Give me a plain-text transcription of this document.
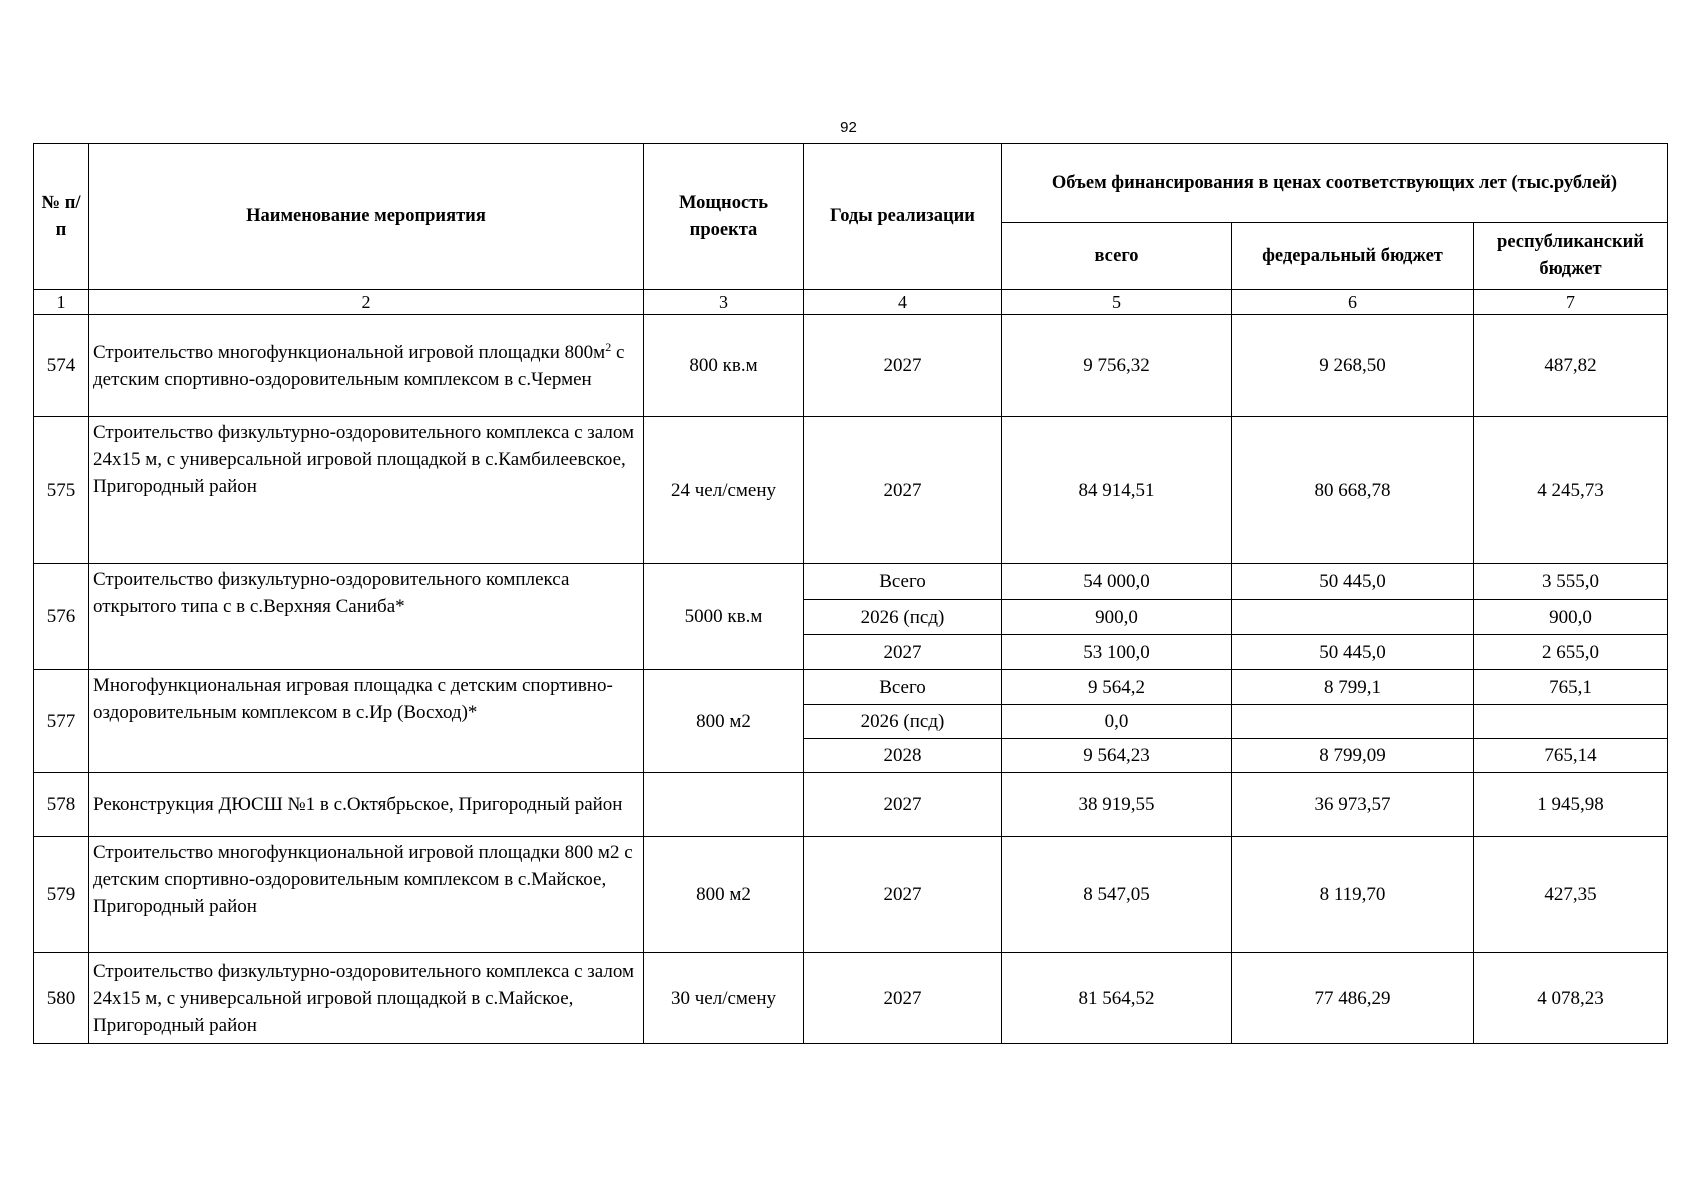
92
№ п/п	Наименование мероприятия	Мощность проекта	Годы реализации	Объем финансирования в ценах соответствующих лет (тыс.рублей)		
				всего	федеральный бюджет	республиканский бюджет
1	2	3	4	5	6	7
574	Строительство многофункциональной игровой площадки $800м^2$ с детским спортивно-оздоровительным комплексом в с.Чермен	800 кв.м	2027	9 756,32	9 268,50	487,82
575	Строительство физкультурно-оздоровительного комплекса с залом 24х15 м, с универсальной игровой площадкой в с.Камбилеевское, Пригородный район	24 чел/смену	2027	84 914,51	80 668,78	4 245,73
576	Строительство физкультурно-оздоровительного комплекса открытого типа с в с.Верхняя Саниба*	5000 кв.м	Всего	54 000,0	50 445,0	3 555,0
			2026 (псд)	900,0		900,0
			2027	53 100,0	50 445,0	2 655,0
577	Многофункциональная игровая площадка с детским спортивно-оздоровительным комплексом в с.Ир (Восход)*	800 м2	Всего	9 564,2	8 799,1	765,1
			2026 (псд)	0,0		
			2028	9 564,23	8 799,09	765,14
578	Реконструкция ДЮСШ №1 в с.Октябрьское, Пригородный район		2027	38 919,55	36 973,57	1 945,98
579	Строительство многофункциональной игровой площадки 800 м2 с детским спортивно-оздоровительным комплексом в с.Майское, Пригородный район	800 м2	2027	8 547,05	8 119,70	427,35
580	Строительство физкультурно-оздоровительного комплекса с залом 24х15 м, с универсальной игровой площадкой в с.Майское, Пригородный район	30 чел/смену	2027	81 564,52	77 486,29	4 078,23
